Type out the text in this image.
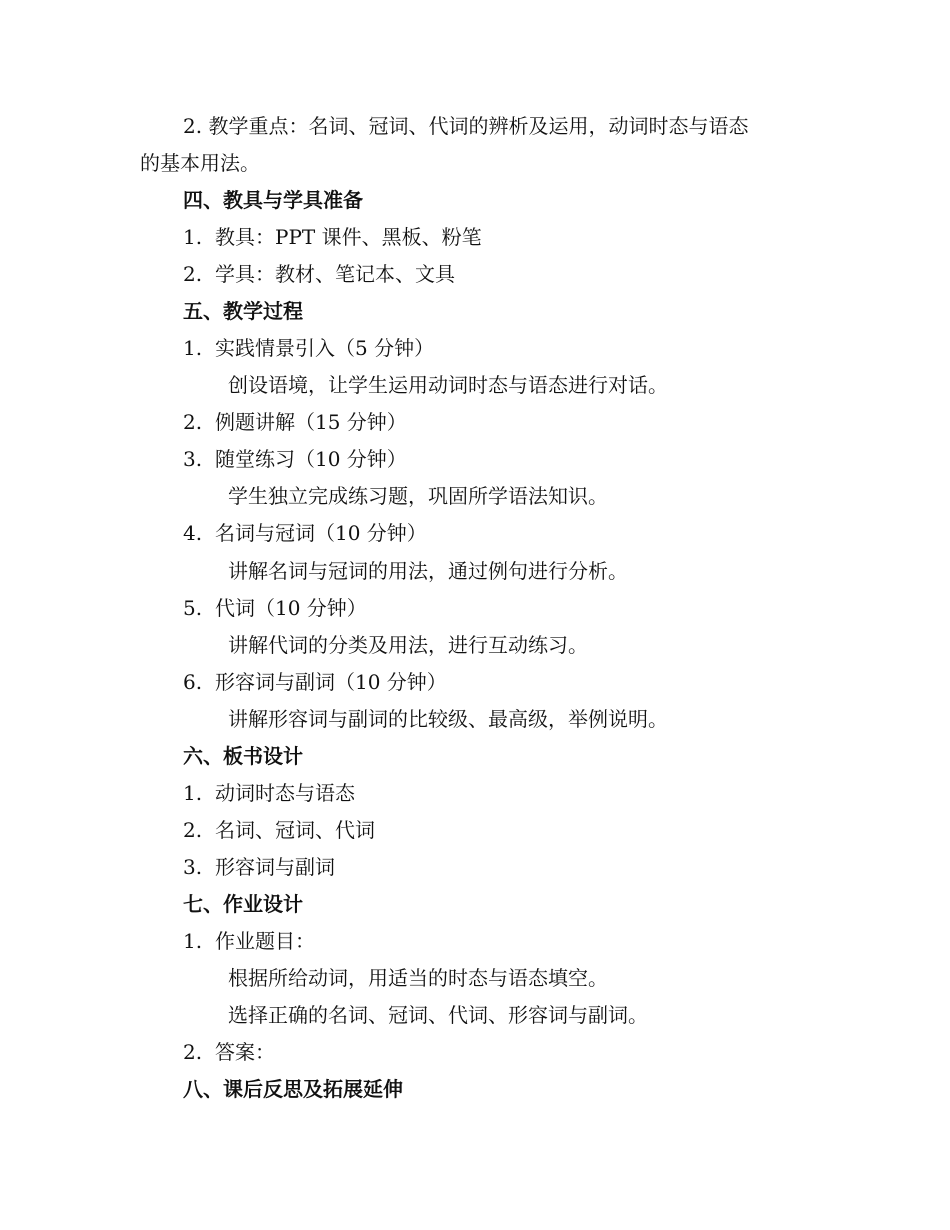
2. 教学重点：名词、冠词、代词的辨析及运用，动词时态与语态
的基本用法。
四、教具与学具准备
1. 教具：PPT 课件、黑板、粉笔
2. 学具：教材、笔记本、文具
五、教学过程
1. 实践情景引入（5 分钟）
创设语境，让学生运用动词时态与语态进行对话。
2. 例题讲解（15 分钟）
3. 随堂练习（10 分钟）
学生独立完成练习题，巩固所学语法知识。
4. 名词与冠词（10 分钟）
讲解名词与冠词的用法，通过例句进行分析。
5. 代词（10 分钟）
讲解代词的分类及用法，进行互动练习。
6. 形容词与副词（10 分钟）
讲解形容词与副词的比较级、最高级，举例说明。
六、板书设计
1. 动词时态与语态
2. 名词、冠词、代词
3. 形容词与副词
七、作业设计
1. 作业题目：
根据所给动词，用适当的时态与语态填空。
选择正确的名词、冠词、代词、形容词与副词。
2. 答案：
八、课后反思及拓展延伸
